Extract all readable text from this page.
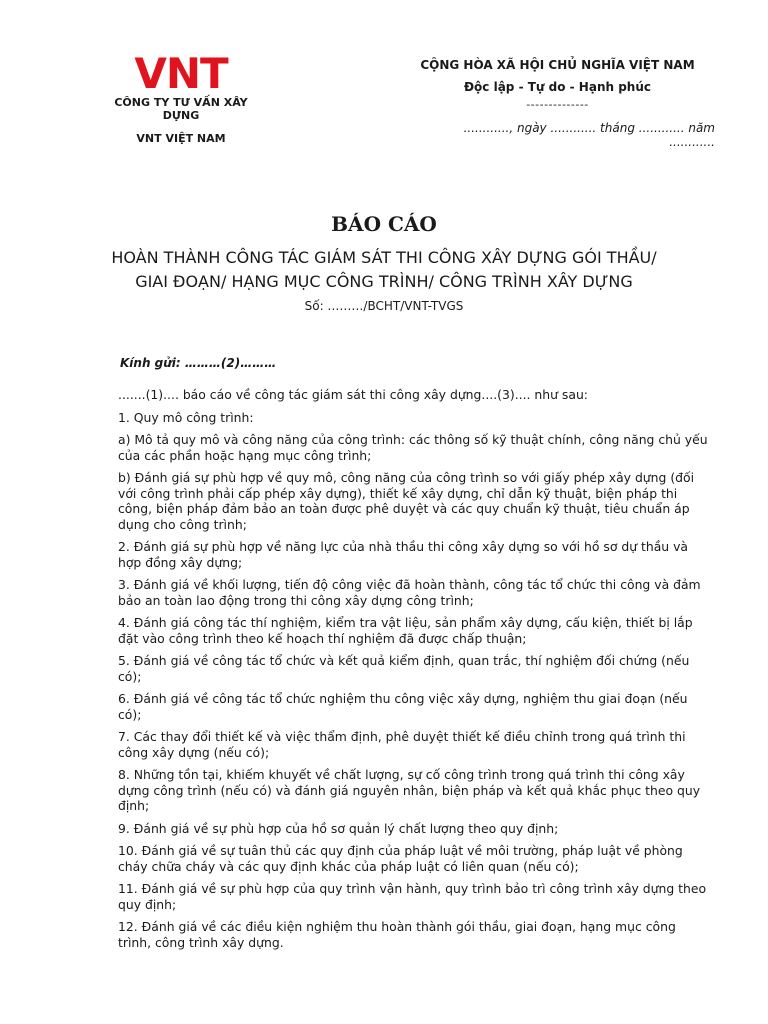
VNT
CÔNG TY TƯ VẤN XÂY DỰNG
VNT VIỆT NAM
CỘNG HÒA XÃ HỘI CHỦ NGHĨA VIỆT NAM
Độc lập - Tự do - Hạnh phúc
--------------
............, ngày ............ tháng ............ năm
............
BÁO CÁO
HOÀN THÀNH CÔNG TÁC GIÁM SÁT THI CÔNG XÂY DỰNG GÓI THẦU/
GIAI ĐOẠN/ HẠNG MỤC CÔNG TRÌNH/ CÔNG TRÌNH XÂY DỰNG
Số: ………/BCHT/VNT-TVGS
Kính gửi: ………(2)………

.......(1).... báo cáo về công tác giám sát thi công xây dựng....(3).... như sau:

1. Quy mô công trình:

a) Mô tả quy mô và công năng của công trình: các thông số kỹ thuật chính, công năng chủ yếu của các phần hoặc hạng mục công trình;

b) Đánh giá sự phù hợp về quy mô, công năng của công trình so với giấy phép xây dựng (đối với công trình phải cấp phép xây dựng), thiết kế xây dựng, chỉ dẫn kỹ thuật, biện pháp thi công, biện pháp đảm bảo an toàn được phê duyệt và các quy chuẩn kỹ thuật, tiêu chuẩn áp dụng cho công trình;

2. Đánh giá sự phù hợp về năng lực của nhà thầu thi công xây dựng so với hồ sơ dự thầu và hợp đồng xây dựng;

3. Đánh giá về khối lượng, tiến độ công việc đã hoàn thành, công tác tổ chức thi công và đảm bảo an toàn lao động trong thi công xây dựng công trình;

4. Đánh giá công tác thí nghiệm, kiểm tra vật liệu, sản phẩm xây dựng, cấu kiện, thiết bị lắp đặt vào công trình theo kế hoạch thí nghiệm đã được chấp thuận;

5. Đánh giá về công tác tổ chức và kết quả kiểm định, quan trắc, thí nghiệm đối chứng (nếu có);

6. Đánh giá về công tác tổ chức nghiệm thu công việc xây dựng, nghiệm thu giai đoạn (nếu có);

7. Các thay đổi thiết kế và việc thẩm định, phê duyệt thiết kế điều chỉnh trong quá trình thi công xây dựng (nếu có);

8. Những tồn tại, khiếm khuyết về chất lượng, sự cố công trình trong quá trình thi công xây dựng công trình (nếu có) và đánh giá nguyên nhân, biện pháp và kết quả khắc phục theo quy định;

9. Đánh giá về sự phù hợp của hồ sơ quản lý chất lượng theo quy định;

10. Đánh giá về sự tuân thủ các quy định của pháp luật về môi trường, pháp luật về phòng cháy chữa cháy và các quy định khác của pháp luật có liên quan (nếu có);

11. Đánh giá về sự phù hợp của quy trình vận hành, quy trình bảo trì công trình xây dựng theo quy định;

12. Đánh giá về các điều kiện nghiệm thu hoàn thành gói thầu, giai đoạn, hạng mục công trình, công trình xây dựng.
